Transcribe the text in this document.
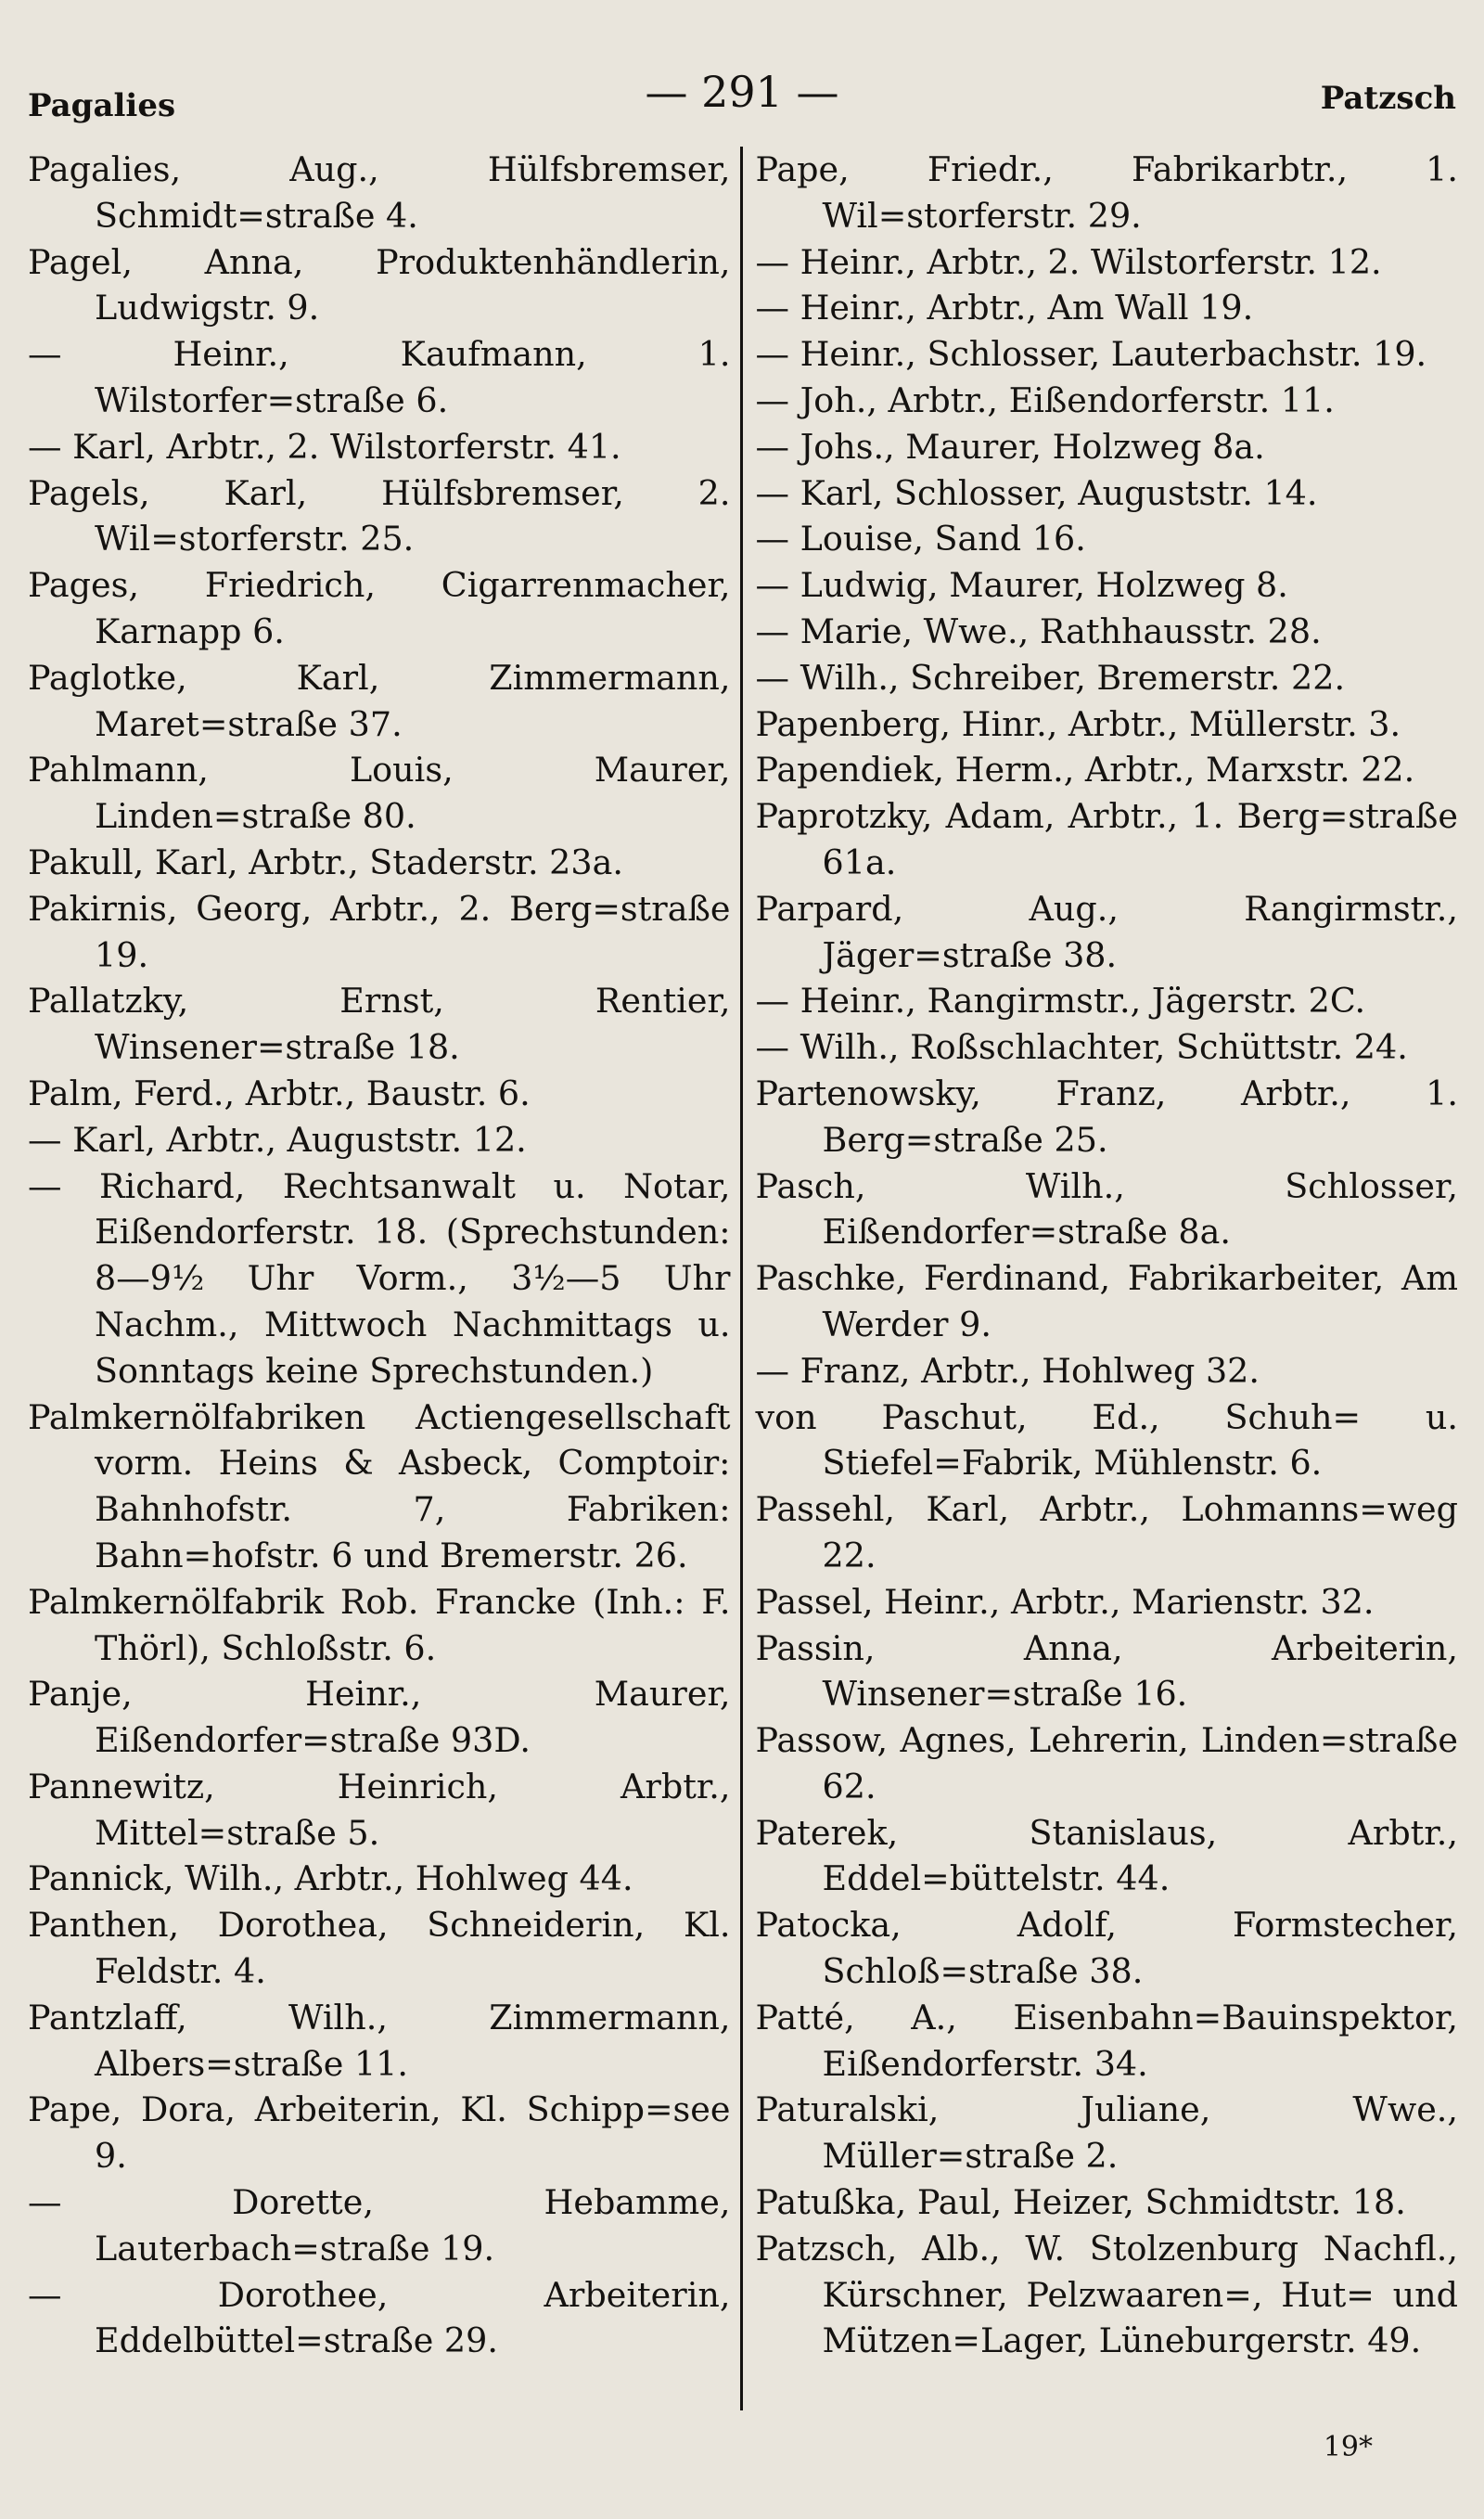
Pagalies	— 291 —	Patzsch

Pagalies, Aug., Hülfsbremser, Schmidt=straße 4.

Pagel, Anna, Produktenhändlerin, Ludwigstr. 9.

— Heinr., Kaufmann, 1. Wilstorfer=straße 6.

— Karl, Arbtr., 2. Wilstorferstr. 41.

Pagels, Karl, Hülfsbremser, 2. Wil=storferstr. 25.

Pages, Friedrich, Cigarrenmacher, Karnapp 6.

Paglotke, Karl, Zimmermann, Maret=straße 37.

Pahlmann, Louis, Maurer, Linden=straße 80.

Pakull, Karl, Arbtr., Staderstr. 23a.

Pakirnis, Georg, Arbtr., 2. Berg=straße 19.

Pallatzky, Ernst, Rentier, Winsener=straße 18.

Palm, Ferd., Arbtr., Baustr. 6.

— Karl, Arbtr., Auguststr. 12.

— Richard, Rechtsanwalt u. Notar, Eißendorferstr. 18. (Sprechstunden: 8—9½ Uhr Vorm., 3½—5 Uhr Nachm., Mittwoch Nachmittags u. Sonntags keine Sprechstunden.)

Palmkernölfabriken Actiengesellschaft vorm. Heins & Asbeck, Comptoir: Bahnhofstr. 7, Fabriken: Bahn=hofstr. 6 und Bremerstr. 26.

Palmkernölfabrik Rob. Francke (Inh.: F. Thörl), Schloßstr. 6.

Panje, Heinr., Maurer, Eißendorfer=straße 93D.

Pannewitz, Heinrich, Arbtr., Mittel=straße 5.

Pannick, Wilh., Arbtr., Hohlweg 44.

Panthen, Dorothea, Schneiderin, Kl. Feldstr. 4.

Pantzlaff, Wilh., Zimmermann, Albers=straße 11.

Pape, Dora, Arbeiterin, Kl. Schipp=see 9.

— Dorette, Hebamme, Lauterbach=straße 19.

— Dorothee, Arbeiterin, Eddelbüttel=straße 29.

Pape, Friedr., Fabrikarbtr., 1. Wil=storferstr. 29.

— Heinr., Arbtr., 2. Wilstorferstr. 12.

— Heinr., Arbtr., Am Wall 19.

— Heinr., Schlosser, Lauterbachstr. 19.

— Joh., Arbtr., Eißendorferstr. 11.

— Johs., Maurer, Holzweg 8a.

— Karl, Schlosser, Auguststr. 14.

— Louise, Sand 16.

— Ludwig, Maurer, Holzweg 8.

— Marie, Wwe., Rathhausstr. 28.

— Wilh., Schreiber, Bremerstr. 22.

Papenberg, Hinr., Arbtr., Müllerstr. 3.

Papendiek, Herm., Arbtr., Marxstr. 22.

Paprotzky, Adam, Arbtr., 1. Berg=straße 61a.

Parpard, Aug., Rangirmstr., Jäger=straße 38.

— Heinr., Rangirmstr., Jägerstr. 2C.

— Wilh., Roßschlachter, Schüttstr. 24.

Partenowsky, Franz, Arbtr., 1. Berg=straße 25.

Pasch, Wilh., Schlosser, Eißendorfer=straße 8a.

Paschke, Ferdinand, Fabrikarbeiter, Am Werder 9.

— Franz, Arbtr., Hohlweg 32.

von Paschut, Ed., Schuh= u. Stiefel=Fabrik, Mühlenstr. 6.

Passehl, Karl, Arbtr., Lohmanns=weg 22.

Passel, Heinr., Arbtr., Marienstr. 32.

Passin, Anna, Arbeiterin, Winsener=straße 16.

Passow, Agnes, Lehrerin, Linden=straße 62.

Paterek, Stanislaus, Arbtr., Eddel=büttelstr. 44.

Patocka, Adolf, Formstecher, Schloß=straße 38.

Patté, A., Eisenbahn=Bauinspektor, Eißendorferstr. 34.

Paturalski, Juliane, Wwe., Müller=straße 2.

Patußka, Paul, Heizer, Schmidtstr. 18.

Patzsch, Alb., W. Stolzenburg Nachfl., Kürschner, Pelzwaaren=, Hut= und Mützen=Lager, Lüneburgerstr. 49.

19*
